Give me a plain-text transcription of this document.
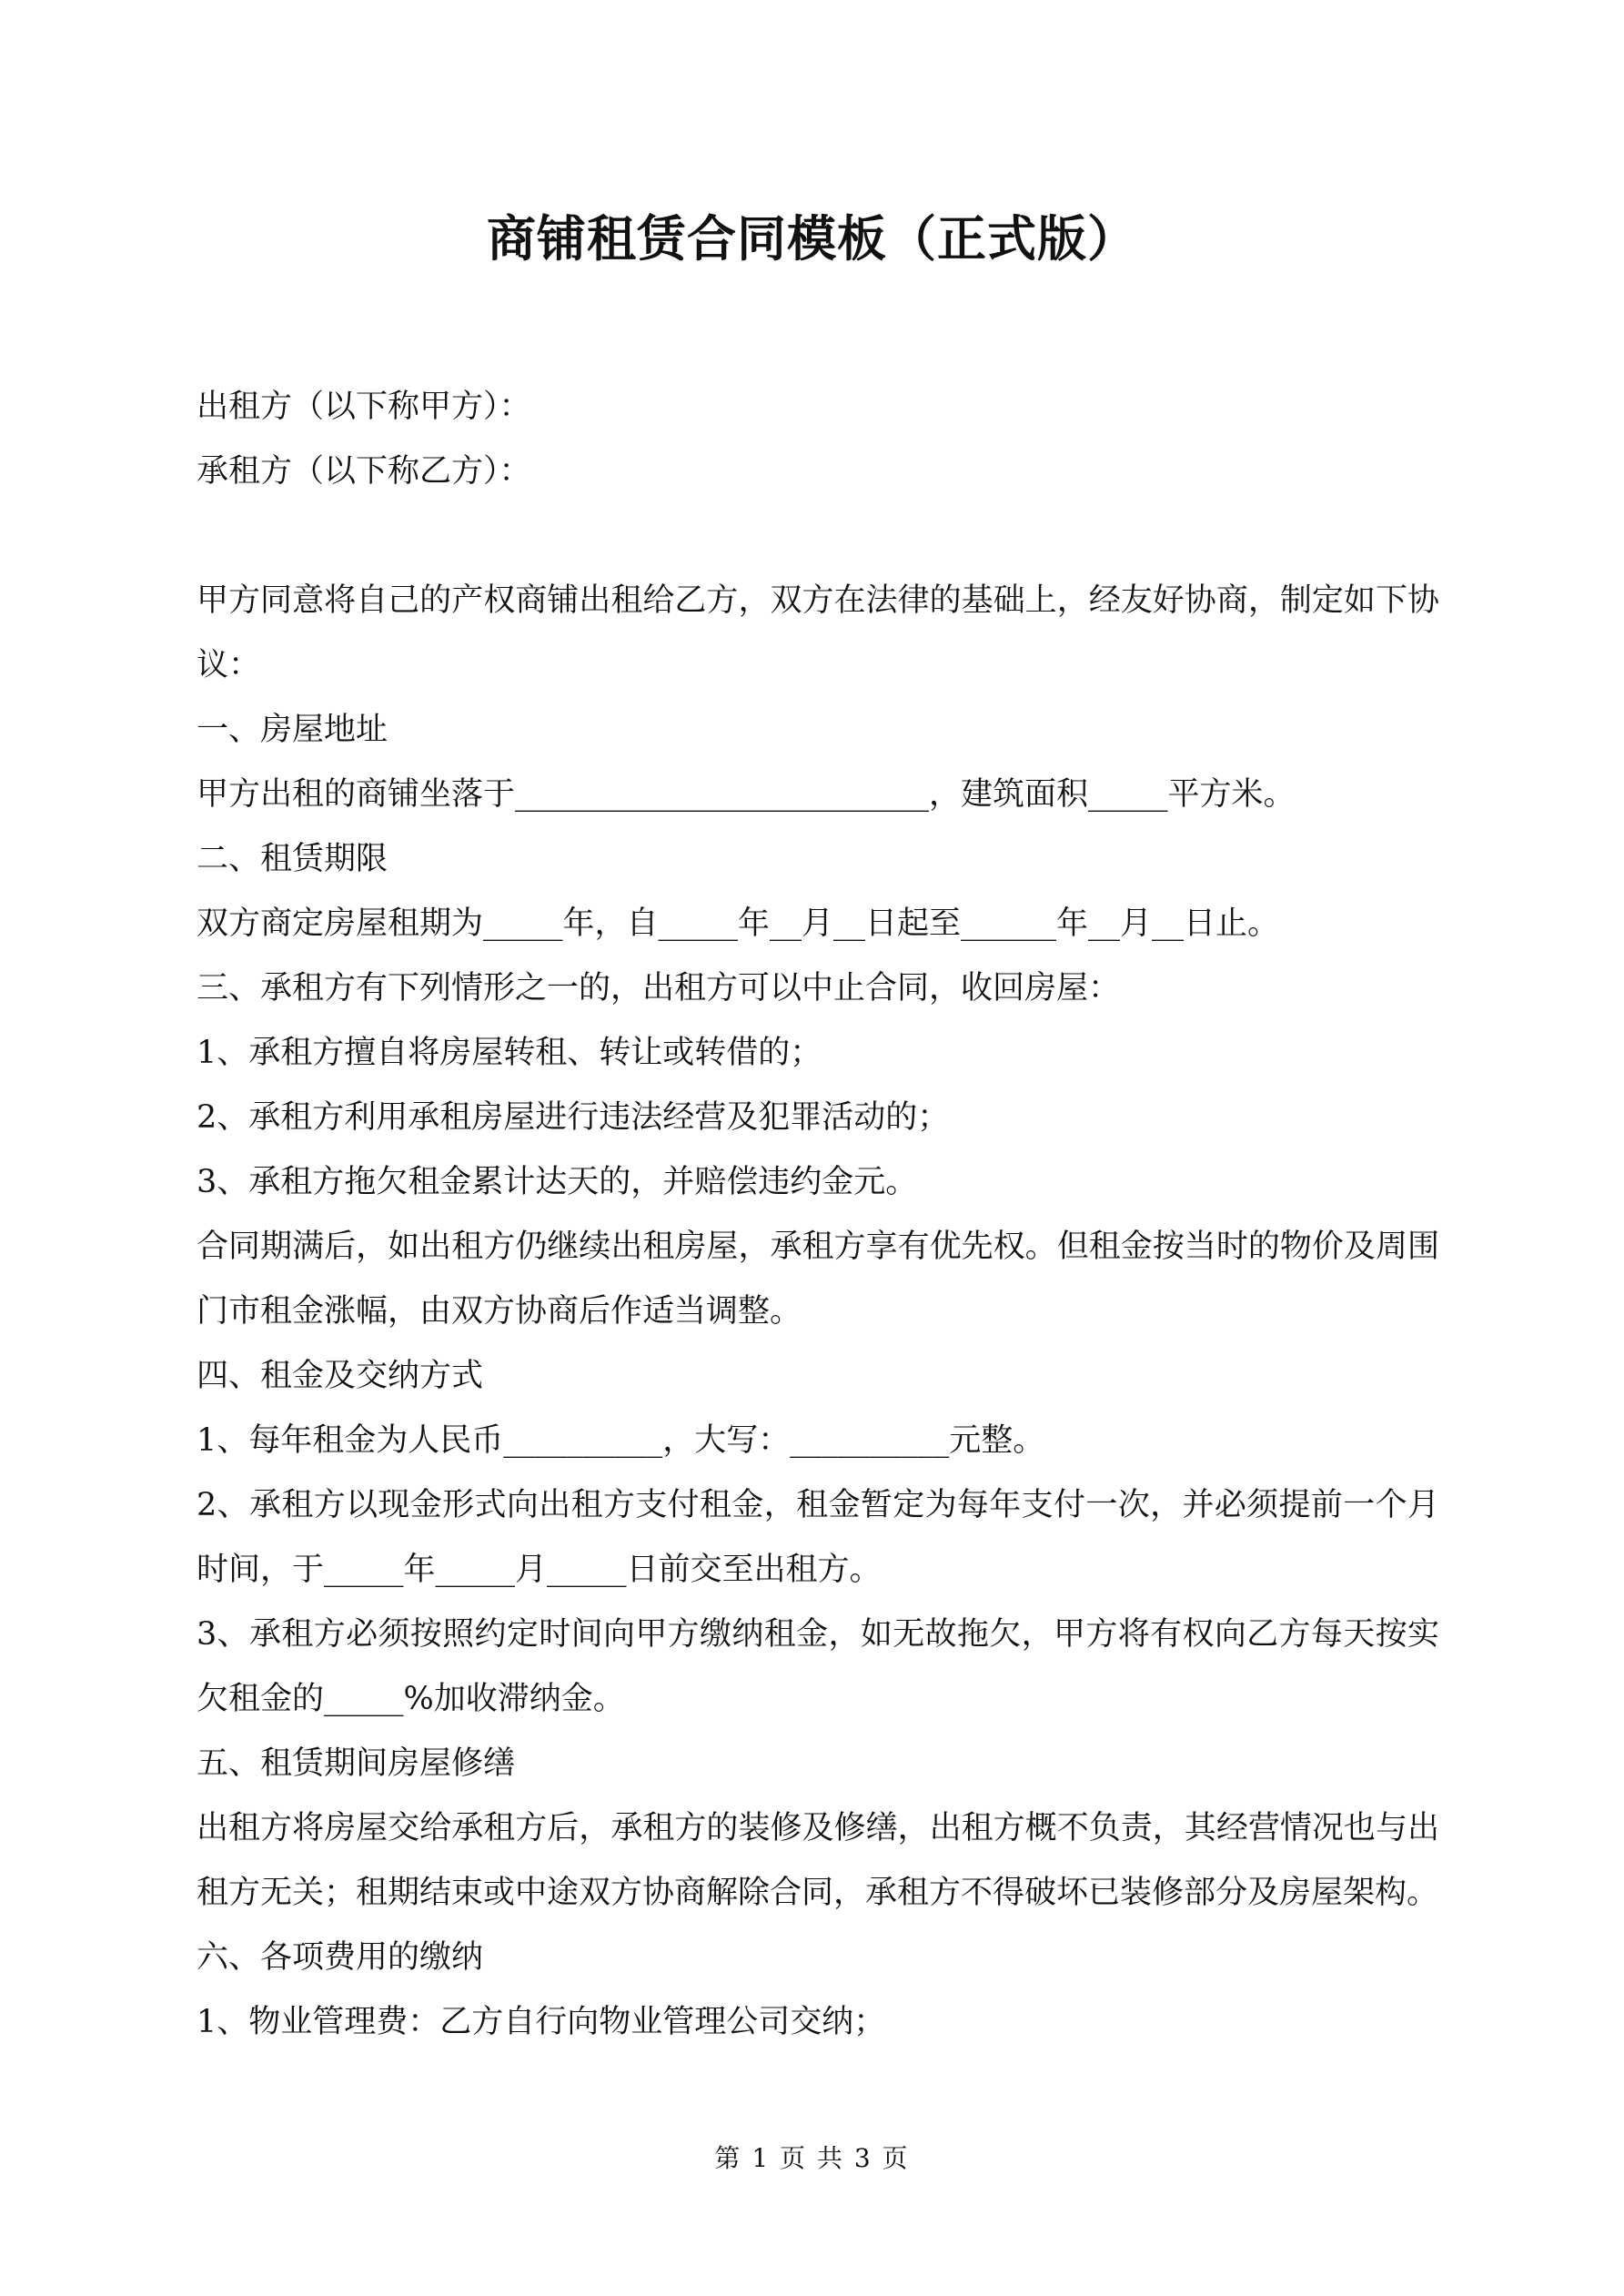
商铺租赁合同模板（正式版）
出租方（以下称甲方）：
承租方（以下称乙方）：
甲方同意将自己的产权商铺出租给乙方，双方在法律的基础上，经友好协商，制定如下协议：
一、房屋地址
甲方出租的商铺坐落于__________________________，建筑面积_____平方米。
二、租赁期限
双方商定房屋租期为_____年，自_____年__月__日起至______年__月__日止。
三、承租方有下列情形之一的，出租方可以中止合同，收回房屋：
1、承租方擅自将房屋转租、转让或转借的；
2、承租方利用承租房屋进行违法经营及犯罪活动的；
3、承租方拖欠租金累计达天的，并赔偿违约金元。
合同期满后，如出租方仍继续出租房屋，承租方享有优先权。但租金按当时的物价及周围门市租金涨幅，由双方协商后作适当调整。
四、租金及交纳方式
1、每年租金为人民币__________，大写：__________元整。
2、承租方以现金形式向出租方支付租金，租金暂定为每年支付一次，并必须提前一个月时间，于_____年_____月_____日前交至出租方。
3、承租方必须按照约定时间向甲方缴纳租金，如无故拖欠，甲方将有权向乙方每天按实欠租金的_____%加收滞纳金。
五、租赁期间房屋修缮
出租方将房屋交给承租方后，承租方的装修及修缮，出租方概不负责，其经营情况也与出租方无关；租期结束或中途双方协商解除合同，承租方不得破坏已装修部分及房屋架构。
六、各项费用的缴纳
1、物业管理费：乙方自行向物业管理公司交纳；
第 1 页 共 3 页
